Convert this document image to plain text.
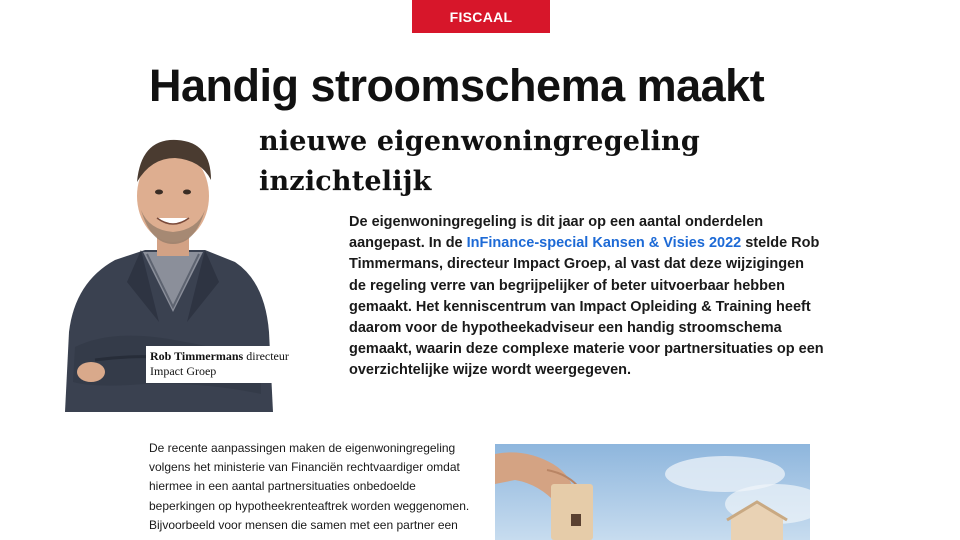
FISCAAL
Handig stroomschema maakt
nieuwe eigenwoningregeling inzichtelijk
Rob Timmermans directeur Impact Groep

De eigenwoningregeling is dit jaar op een aantal onderdelen aangepast. In de InFinance-special Kansen & Visies 2022 stelde Rob Timmermans, directeur Impact Groep, al vast dat deze wijzigingen de regeling verre van begrijpelijker of beter uitvoerbaar hebben gemaakt. Het kenniscentrum van Impact Opleiding & Training heeft daarom voor de hypotheekadviseur een handig stroomschema gemaakt, waarin deze complexe materie voor partnersituaties op een overzichtelijke wijze wordt weergegeven.

De recente aanpassingen maken de eigenwoningregeling volgens het ministerie van Financiën rechtvaardiger omdat hiermee in een aantal partnersituaties onbedoelde beperkingen op hypotheekrenteaftrek worden weggenomen. Bijvoorbeeld voor mensen die samen met een partner een
